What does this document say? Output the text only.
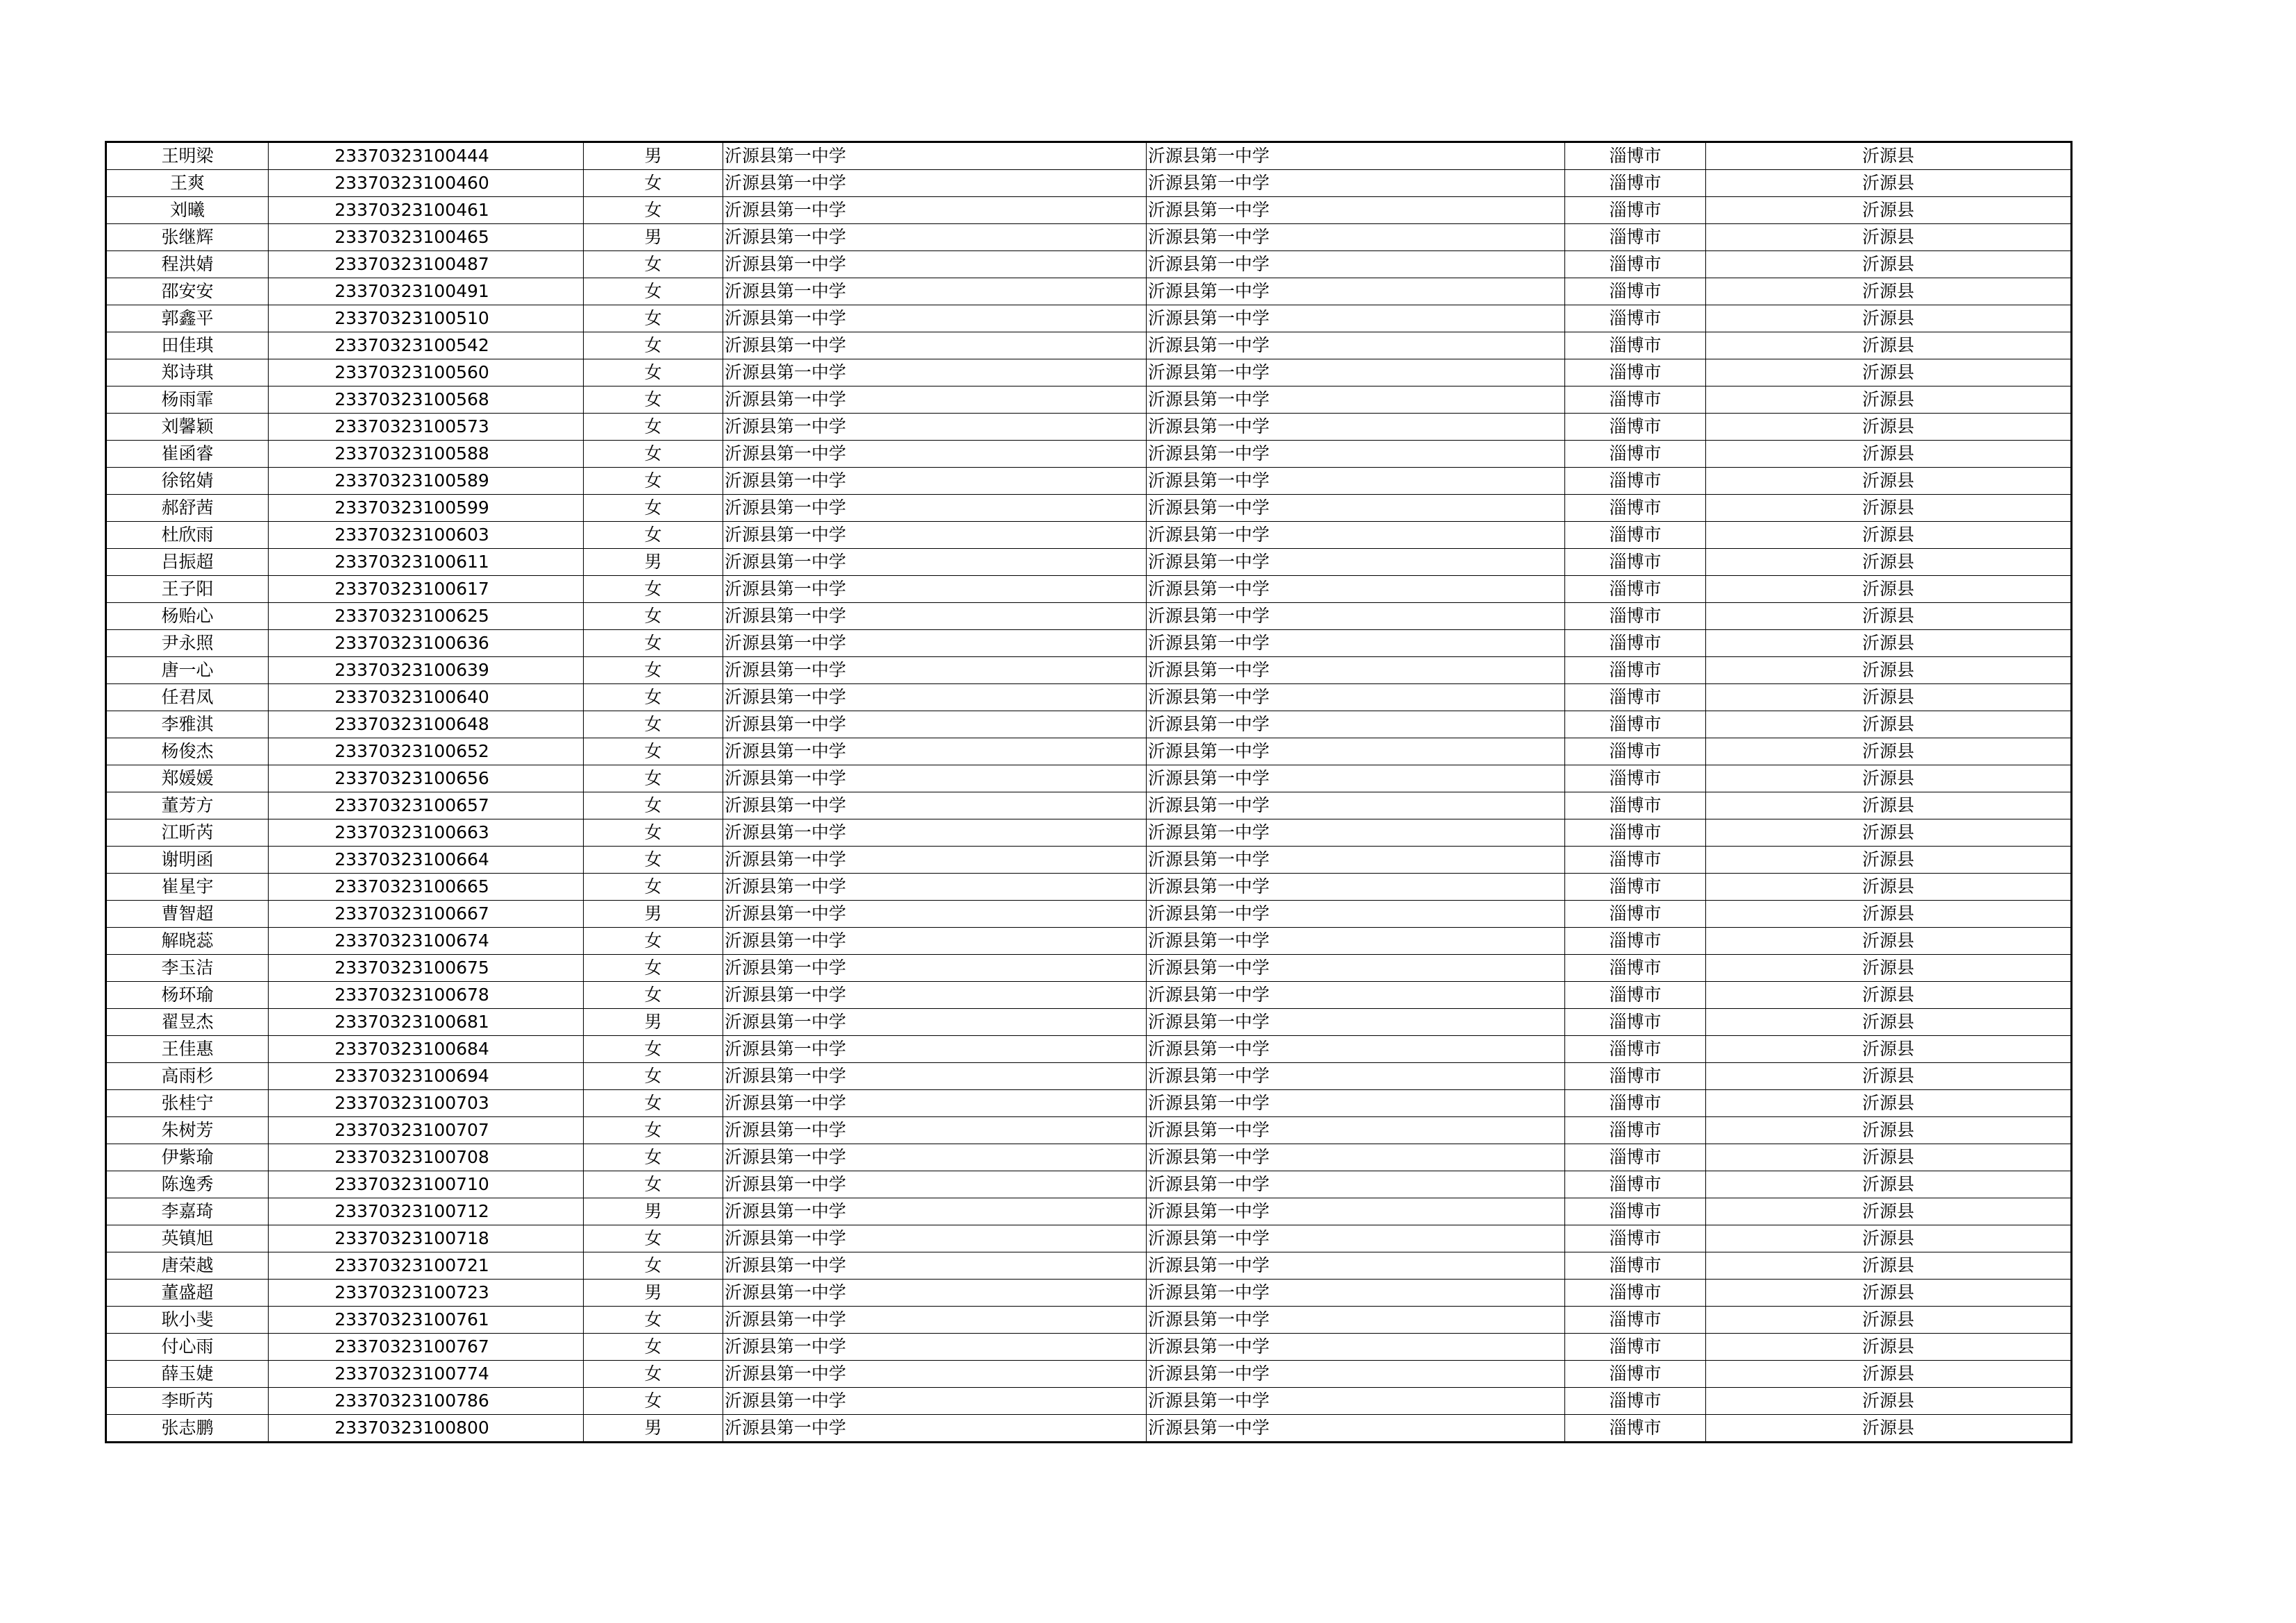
王明梁	23370323100444	男	沂源县第一中学	沂源县第一中学	淄博市	沂源县
王爽	23370323100460	女	沂源县第一中学	沂源县第一中学	淄博市	沂源县
刘曦	23370323100461	女	沂源县第一中学	沂源县第一中学	淄博市	沂源县
张继辉	23370323100465	男	沂源县第一中学	沂源县第一中学	淄博市	沂源县
程洪婧	23370323100487	女	沂源县第一中学	沂源县第一中学	淄博市	沂源县
邵安安	23370323100491	女	沂源县第一中学	沂源县第一中学	淄博市	沂源县
郭鑫平	23370323100510	女	沂源县第一中学	沂源县第一中学	淄博市	沂源县
田佳琪	23370323100542	女	沂源县第一中学	沂源县第一中学	淄博市	沂源县
郑诗琪	23370323100560	女	沂源县第一中学	沂源县第一中学	淄博市	沂源县
杨雨霏	23370323100568	女	沂源县第一中学	沂源县第一中学	淄博市	沂源县
刘馨颖	23370323100573	女	沂源县第一中学	沂源县第一中学	淄博市	沂源县
崔函睿	23370323100588	女	沂源县第一中学	沂源县第一中学	淄博市	沂源县
徐铭婧	23370323100589	女	沂源县第一中学	沂源县第一中学	淄博市	沂源县
郝舒茜	23370323100599	女	沂源县第一中学	沂源县第一中学	淄博市	沂源县
杜欣雨	23370323100603	女	沂源县第一中学	沂源县第一中学	淄博市	沂源县
吕振超	23370323100611	男	沂源县第一中学	沂源县第一中学	淄博市	沂源县
王子阳	23370323100617	女	沂源县第一中学	沂源县第一中学	淄博市	沂源县
杨贻心	23370323100625	女	沂源县第一中学	沂源县第一中学	淄博市	沂源县
尹永照	23370323100636	女	沂源县第一中学	沂源县第一中学	淄博市	沂源县
唐一心	23370323100639	女	沂源县第一中学	沂源县第一中学	淄博市	沂源县
任君凤	23370323100640	女	沂源县第一中学	沂源县第一中学	淄博市	沂源县
李雅淇	23370323100648	女	沂源县第一中学	沂源县第一中学	淄博市	沂源县
杨俊杰	23370323100652	女	沂源县第一中学	沂源县第一中学	淄博市	沂源县
郑媛媛	23370323100656	女	沂源县第一中学	沂源县第一中学	淄博市	沂源县
董芳方	23370323100657	女	沂源县第一中学	沂源县第一中学	淄博市	沂源县
江昕芮	23370323100663	女	沂源县第一中学	沂源县第一中学	淄博市	沂源县
谢明函	23370323100664	女	沂源县第一中学	沂源县第一中学	淄博市	沂源县
崔星宇	23370323100665	女	沂源县第一中学	沂源县第一中学	淄博市	沂源县
曹智超	23370323100667	男	沂源县第一中学	沂源县第一中学	淄博市	沂源县
解晓蕊	23370323100674	女	沂源县第一中学	沂源县第一中学	淄博市	沂源县
李玉洁	23370323100675	女	沂源县第一中学	沂源县第一中学	淄博市	沂源县
杨环瑜	23370323100678	女	沂源县第一中学	沂源县第一中学	淄博市	沂源县
翟昱杰	23370323100681	男	沂源县第一中学	沂源县第一中学	淄博市	沂源县
王佳惠	23370323100684	女	沂源县第一中学	沂源县第一中学	淄博市	沂源县
高雨杉	23370323100694	女	沂源县第一中学	沂源县第一中学	淄博市	沂源县
张桂宁	23370323100703	女	沂源县第一中学	沂源县第一中学	淄博市	沂源县
朱树芳	23370323100707	女	沂源县第一中学	沂源县第一中学	淄博市	沂源县
伊紫瑜	23370323100708	女	沂源县第一中学	沂源县第一中学	淄博市	沂源县
陈逸秀	23370323100710	女	沂源县第一中学	沂源县第一中学	淄博市	沂源县
李嘉琦	23370323100712	男	沂源县第一中学	沂源县第一中学	淄博市	沂源县
英镇旭	23370323100718	女	沂源县第一中学	沂源县第一中学	淄博市	沂源县
唐荣越	23370323100721	女	沂源县第一中学	沂源县第一中学	淄博市	沂源县
董盛超	23370323100723	男	沂源县第一中学	沂源县第一中学	淄博市	沂源县
耿小斐	23370323100761	女	沂源县第一中学	沂源县第一中学	淄博市	沂源县
付心雨	23370323100767	女	沂源县第一中学	沂源县第一中学	淄博市	沂源县
薛玉婕	23370323100774	女	沂源县第一中学	沂源县第一中学	淄博市	沂源县
李昕芮	23370323100786	女	沂源县第一中学	沂源县第一中学	淄博市	沂源县
张志鹏	23370323100800	男	沂源县第一中学	沂源县第一中学	淄博市	沂源县
